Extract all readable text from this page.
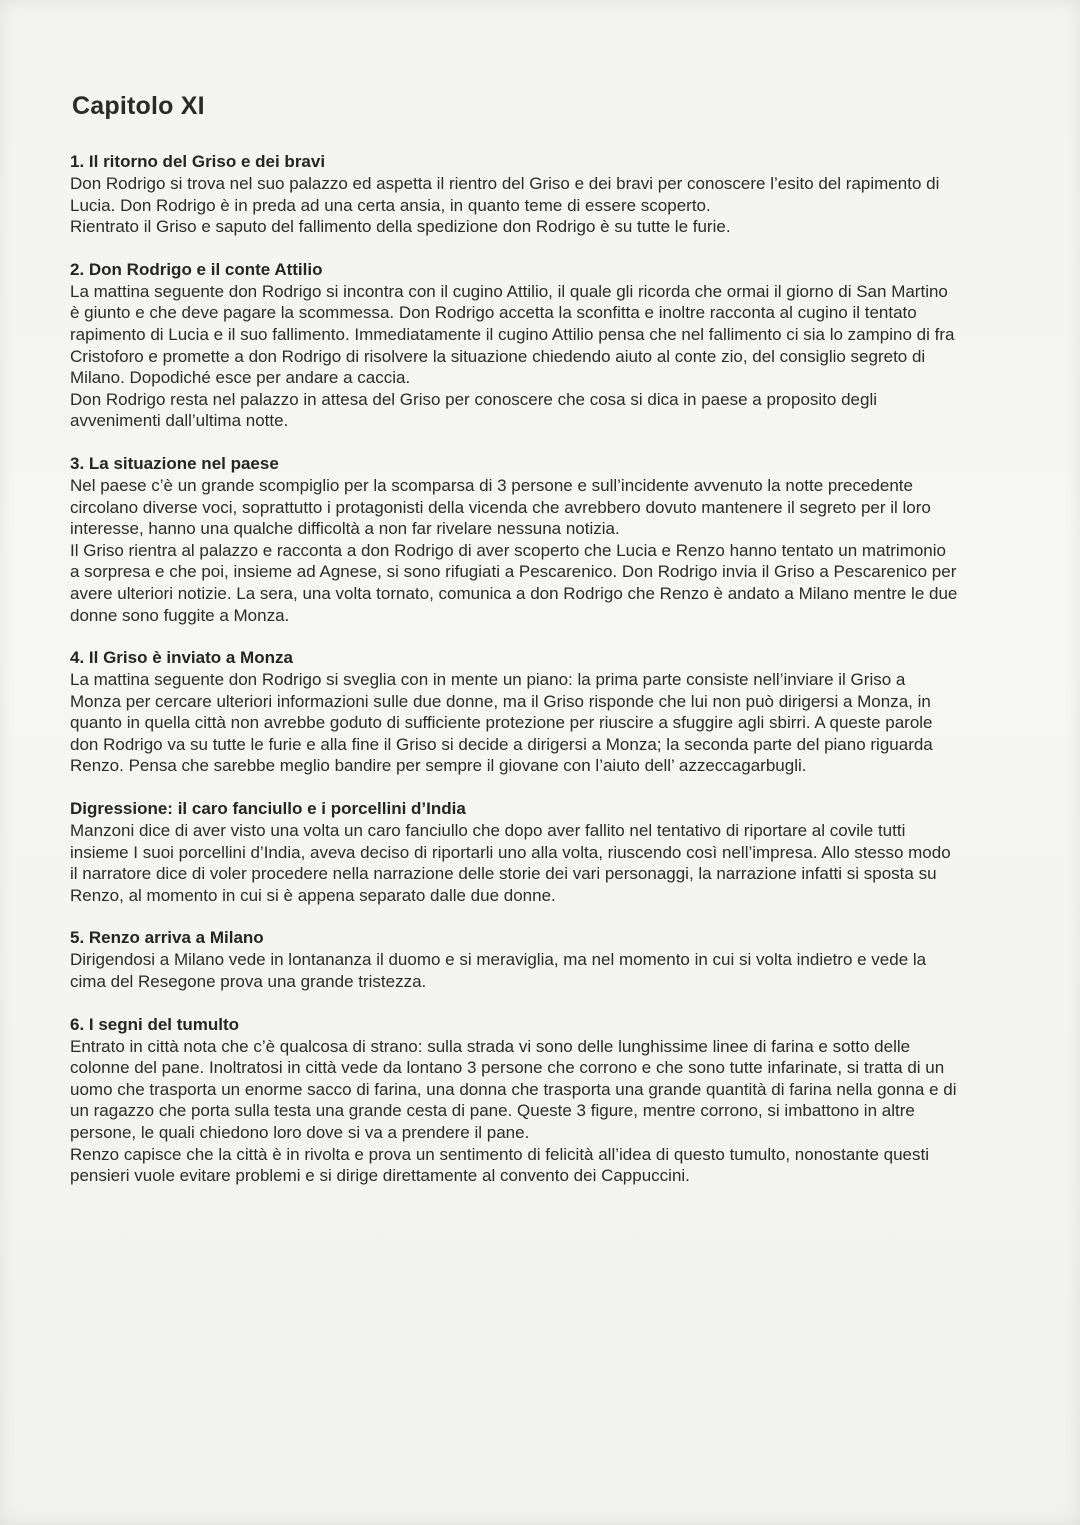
Capitolo XI

1. Il ritorno del Griso e dei bravi

Don Rodrigo si trova nel suo palazzo ed aspetta il rientro del Griso e dei bravi per conoscere l’esito del rapimento di Lucia. Don Rodrigo è in preda ad una certa ansia, in quanto teme di essere scoperto.

Rientrato il Griso e saputo del fallimento della spedizione don Rodrigo è su tutte le furie.

2. Don Rodrigo e il conte Attilio

La mattina seguente don Rodrigo si incontra con il cugino Attilio, il quale gli ricorda che ormai il giorno di San Martino è giunto e che deve pagare la scommessa. Don Rodrigo accetta la sconfitta e inoltre racconta al cugino il tentato rapimento di Lucia e il suo fallimento. Immediatamente il cugino Attilio pensa che nel fallimento ci sia lo zampino di fra Cristoforo e promette a don Rodrigo di risolvere la situazione chiedendo aiuto al conte zio, del consiglio segreto di Milano. Dopodiché esce per andare a caccia.

Don Rodrigo resta nel palazzo in attesa del Griso per conoscere che cosa si dica in paese a proposito degli avvenimenti dall’ultima notte.

3. La situazione nel paese

Nel paese c’è un grande scompiglio per la scomparsa di 3 persone e sull’incidente avvenuto la notte precedente circolano diverse voci, soprattutto i protagonisti della vicenda che avrebbero dovuto mantenere il segreto per il loro interesse, hanno una qualche difficoltà a non far rivelare nessuna notizia.

Il Griso rientra al palazzo e racconta a don Rodrigo di aver scoperto che Lucia e Renzo hanno tentato un matrimonio a sorpresa e che poi, insieme ad Agnese, si sono rifugiati a Pescarenico. Don Rodrigo invia il Griso a Pescarenico per avere ulteriori notizie. La sera, una volta tornato, comunica a don Rodrigo che Renzo è andato a Milano mentre le due donne sono fuggite a Monza.

4. Il Griso è inviato a Monza

La mattina seguente don Rodrigo si sveglia con in mente un piano: la prima parte consiste nell’inviare il Griso a Monza per cercare ulteriori informazioni sulle due donne, ma il Griso risponde che lui non può dirigersi a Monza, in quanto in quella città non avrebbe goduto di sufficiente protezione per riuscire a sfuggire agli sbirri. A queste parole don Rodrigo va su tutte le furie e alla fine il Griso si decide a dirigersi a Monza; la seconda parte del piano riguarda Renzo. Pensa che sarebbe meglio bandire per sempre il giovane con l’aiuto dell’ azzeccagarbugli.

Digressione: il caro fanciullo e i porcellini d’India

Manzoni dice di aver visto una volta un caro fanciullo che dopo aver fallito nel tentativo di riportare al covile tutti insieme I suoi porcellini d’India, aveva deciso di riportarli uno alla volta, riuscendo così nell’impresa. Allo stesso modo il narratore dice di voler procedere nella narrazione delle storie dei vari personaggi, la narrazione infatti si sposta su Renzo, al momento in cui si è appena separato dalle due donne.

5. Renzo arriva a Milano

Dirigendosi a Milano vede in lontananza il duomo e si meraviglia, ma nel momento in cui si volta indietro e vede la cima del Resegone prova una grande tristezza.

6. I segni del tumulto

Entrato in città nota che c’è qualcosa di strano: sulla strada vi sono delle lunghissime linee di farina e sotto delle colonne del pane. Inoltratosi in città vede da lontano 3 persone che corrono e che sono tutte infarinate, si tratta di un uomo che trasporta un enorme sacco di farina, una donna che trasporta una grande quantità di farina nella gonna e di un ragazzo che porta sulla testa una grande cesta di pane. Queste 3 figure, mentre corrono, si imbattono in altre persone, le quali chiedono loro dove si va a prendere il pane.

Renzo capisce che la città è in rivolta e prova un sentimento di felicità all’idea di questo tumulto, nonostante questi pensieri vuole evitare problemi e si dirige direttamente al convento dei Cappuccini.
